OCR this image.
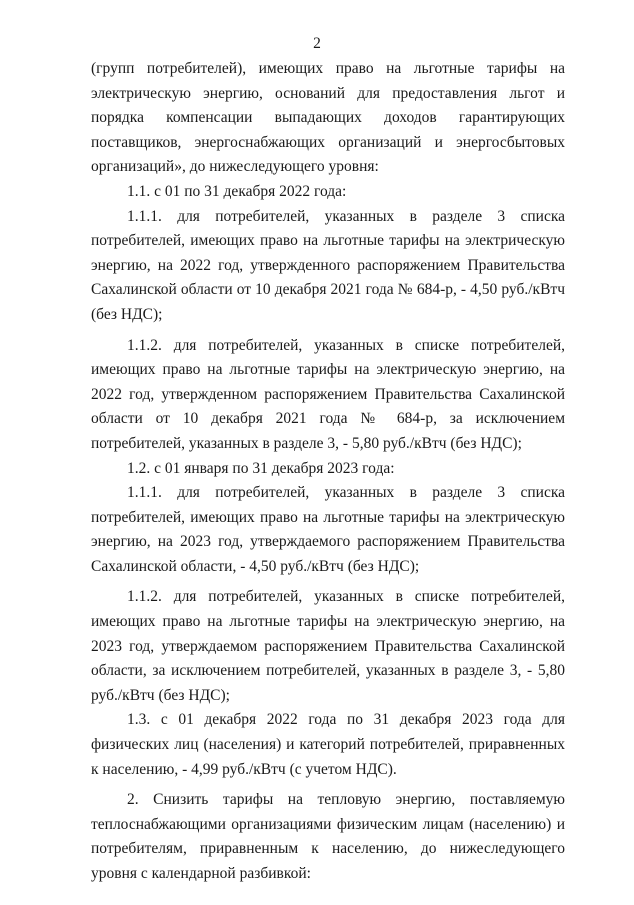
2

(групп потребителей), имеющих право на льготные тарифы на электрическую энергию, оснований для предоставления льгот и порядка компенсации выпадающих доходов гарантирующих поставщиков, энергоснабжающих организаций и энергосбытовых организаций», до нижеследующего уровня:

1.1. с 01 по 31 декабря 2022 года:

1.1.1. для потребителей, указанных в разделе 3 списка потребителей, имеющих право на льготные тарифы на электрическую энергию, на 2022 год, утвержденного распоряжением Правительства Сахалинской области от 10 декабря 2021 года № 684-р, - 4,50 руб./кВтч (без НДС);

1.1.2. для потребителей, указанных в списке потребителей, имеющих право на льготные тарифы на электрическую энергию, на 2022 год, утвержденном распоряжением Правительства Сахалинской области от 10 декабря 2021 года № 684-р, за исключением потребителей, указанных в разделе 3, - 5,80 руб./кВтч (без НДС);

1.2. с 01 января по 31 декабря 2023 года:

1.1.1. для потребителей, указанных в разделе 3 списка потребителей, имеющих право на льготные тарифы на электрическую энергию, на 2023 год, утверждаемого распоряжением Правительства Сахалинской области, - 4,50 руб./кВтч (без НДС);

1.1.2. для потребителей, указанных в списке потребителей, имеющих право на льготные тарифы на электрическую энергию, на 2023 год, утверждаемом распоряжением Правительства Сахалинской области, за исключением потребителей, указанных в разделе 3, - 5,80 руб./кВтч (без НДС);

1.3. с 01 декабря 2022 года по 31 декабря 2023 года для физических лиц (населения) и категорий потребителей, приравненных к населению, - 4,99 руб./кВтч (с учетом НДС).

2. Снизить тарифы на тепловую энергию, поставляемую теплоснабжающими организациями физическим лицам (населению) и потребителям, приравненным к населению, до нижеследующего уровня с календарной разбивкой:
